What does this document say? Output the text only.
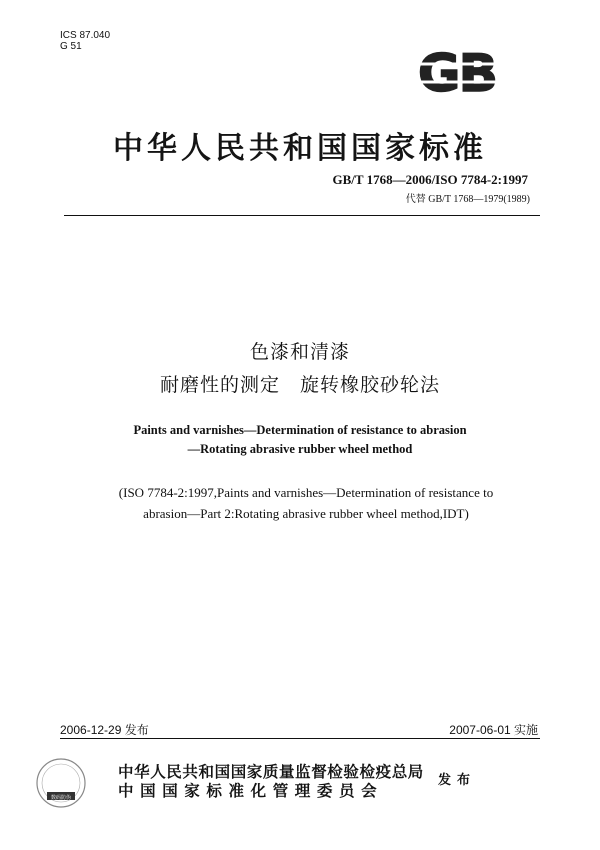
ICS 87.040
G 51	GB
中华人民共和国国家标准
GB/T 1768—2006/ISO 7784-2:1997
代替 GB/T 1768—1979(1989)
色漆和清漆
耐磨性的测定　旋转橡胶砂轮法
Paints and varnishes—Determination of resistance to abrasion
—Rotating abrasive rubber wheel method
(ISO 7784-2:1997,Paints and varnishes—Determination of resistance to abrasion—Part 2:Rotating abrasive rubber wheel method,IDT)
2006-12-29 发布	2007-06-01 实施
数码防伪
中华人民共和国国家质量监督检验检疫总局
中国国家标准化管理委员会
发布
